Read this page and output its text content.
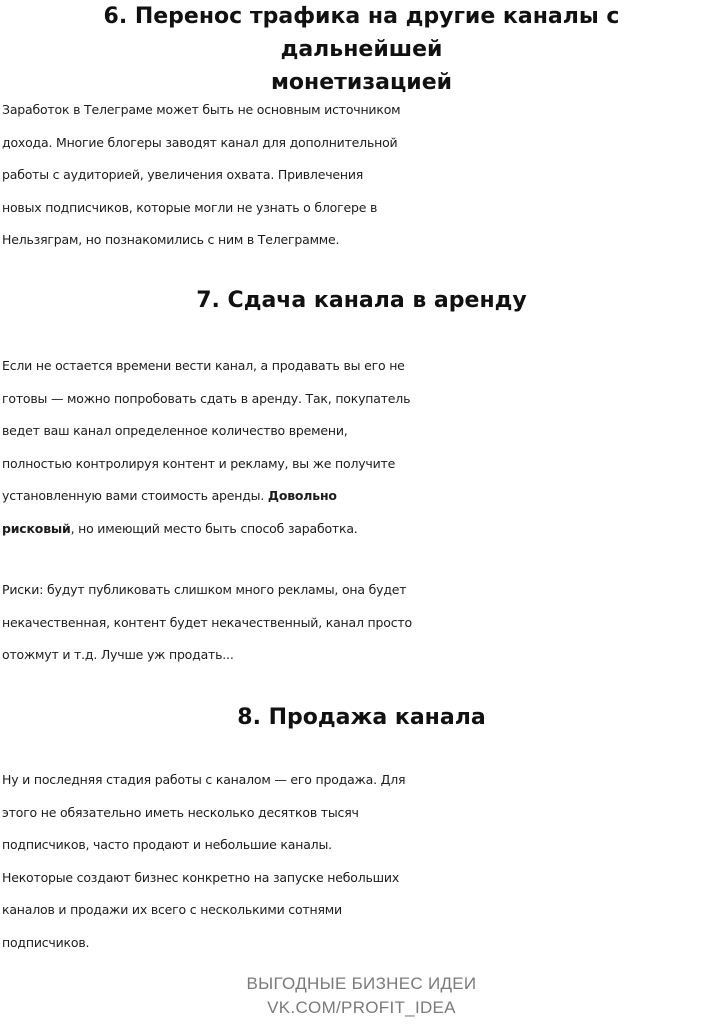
6. Перенос трафика на другие каналы с дальнейшей
монетизацией

Заработок в Телеграме может быть не основным источником
дохода. Многие блогеры заводят канал для дополнительной
работы с аудиторией, увеличения охвата. Привлечения
новых подписчиков, которые могли не узнать о блогере в
Нельзяграм, но познакомились с ним в Телеграмме.

7. Сдача канала в аренду

Если не остается времени вести канал, а продавать вы его не
готовы — можно попробовать сдать в аренду. Так, покупатель
ведет ваш канал определенное количество времени,
полностью контролируя контент и рекламу, вы же получите
установленную вами стоимость аренды. Довольно
рисковый, но имеющий место быть способ заработка.

Риски: будут публиковать слишком много рекламы, она будет
некачественная, контент будет некачественный, канал просто
отожмут и т.д. Лучше уж продать...

8. Продажа канала

Ну и последняя стадия работы с каналом — его продажа. Для
этого не обязательно иметь несколько десятков тысяч
подписчиков, часто продают и небольшие каналы.
Некоторые создают бизнес конкретно на запуске небольших
каналов и продажи их всего с несколькими сотнями
подписчиков.

ВЫГОДНЫЕ БИЗНЕС ИДЕИ
VK.COM/PROFIT_IDEA
